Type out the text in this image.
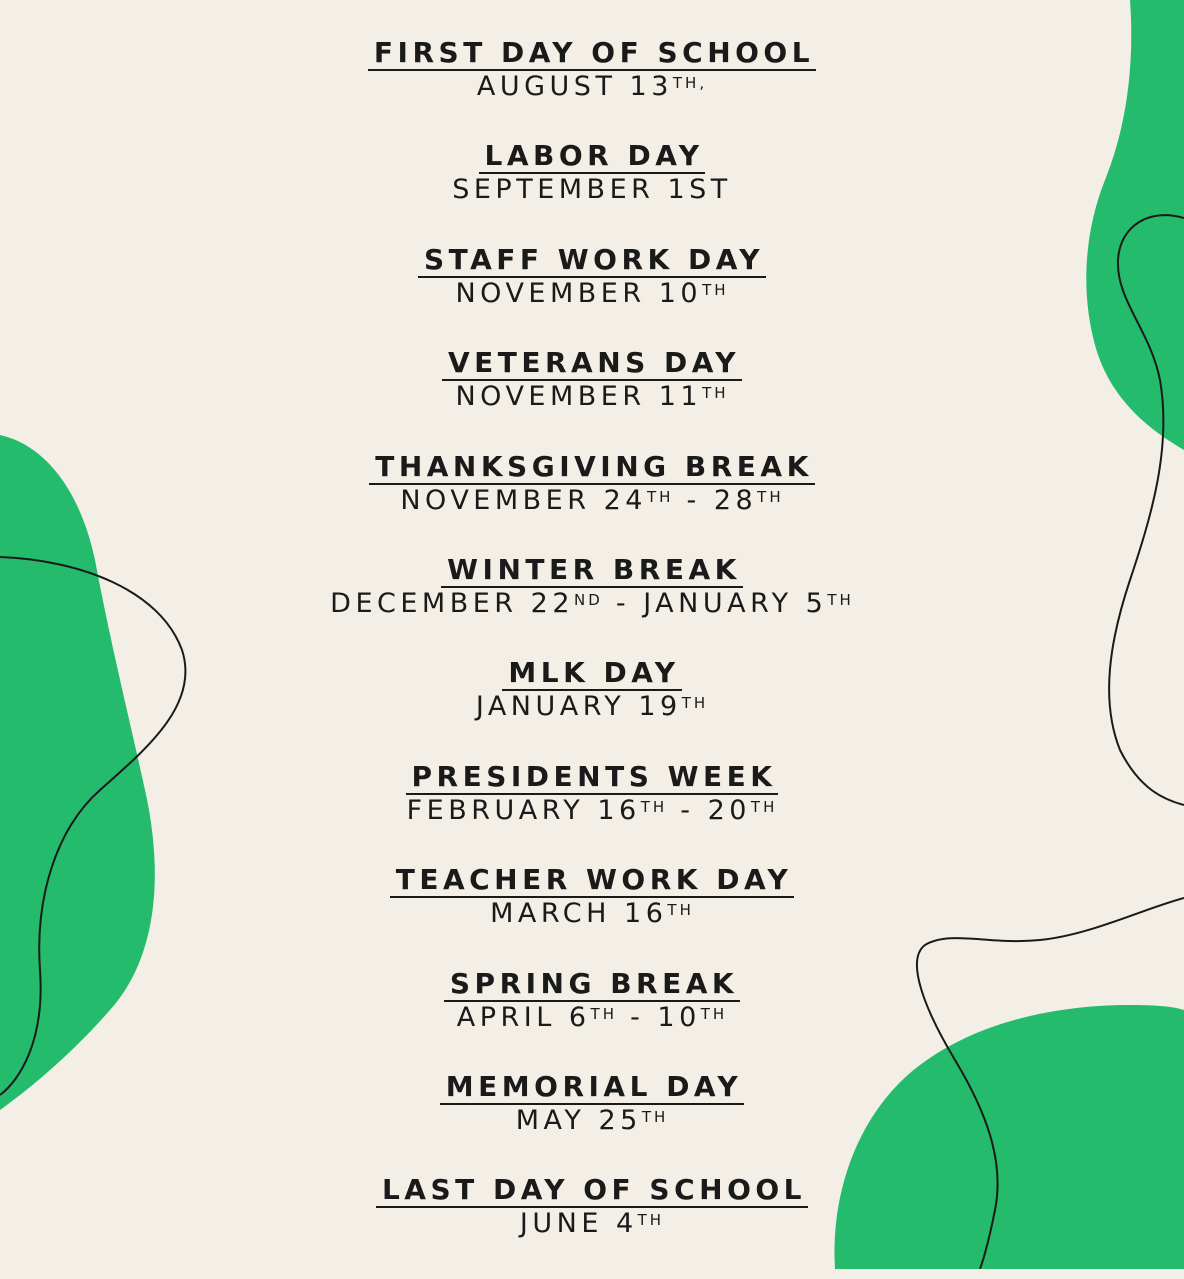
FIRST DAY OF SCHOOL
AUGUST $13^{TH,}$
LABOR DAY
SEPTEMBER 1ST
STAFF WORK DAY
NOVEMBER 10TH
VETERANS DAY
NOVEMBER 11TH
THANKSGIVING BREAK
NOVEMBER 24TH - 28TH
WINTER BREAK
DECEMBER 22ND - JANUARY 5TH
MLK DAY
JANUARY 19TH
PRESIDENTS WEEK
FEBRUARY 16TH - 20TH
TEACHER WORK DAY
MARCH 16TH
SPRING BREAK
APRIL 6TH - 10TH
MEMORIAL DAY
MAY 25TH
LAST DAY OF SCHOOL
JUNE 4TH
